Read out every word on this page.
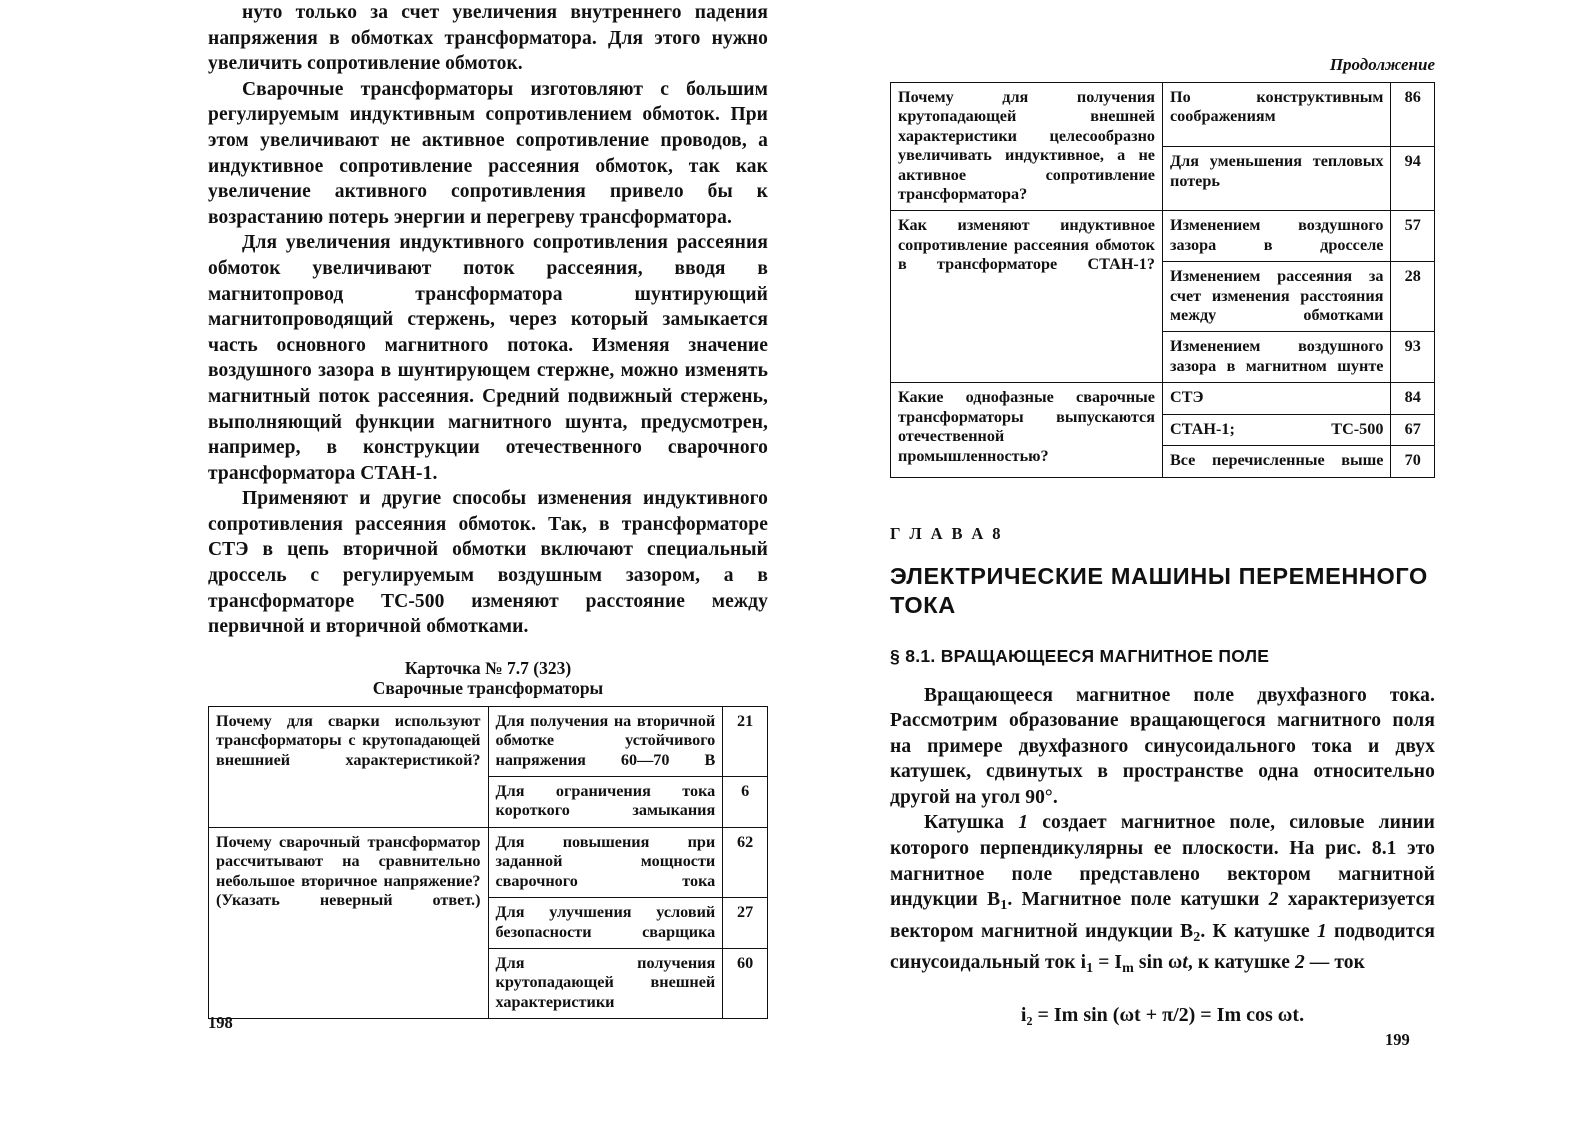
нуто только за счет увеличения внутреннего падения напряжения в обмотках трансформатора. Для этого нужно увеличить сопротивление обмоток.

Сварочные трансформаторы изготовляют с большим регулируемым индуктивным сопротивлением обмоток. При этом увеличивают не активное сопротивление проводов, а индуктивное сопротивление рассеяния обмоток, так как увеличение активного сопротивления привело бы к возрастанию потерь энергии и перегреву трансформатора.

Для увеличения индуктивного сопротивления рассеяния обмоток увеличивают поток рассеяния, вводя в магнитопровод трансформатора шунтирующий магнитопроводящий стержень, через который замыкается часть основного магнитного потока. Изменяя значение воздушного зазора в шунтирующем стержне, можно изменять магнитный поток рассеяния. Средний подвижный стержень, выполняющий функции магнитного шунта, предусмотрен, например, в конструкции отечественного сварочного трансформатора СТАН-1.

Применяют и другие способы изменения индуктивного сопротивления рассеяния обмоток. Так, в трансформаторе СТЭ в цепь вторичной обмотки включают специальный дроссель с регулируемым воздушным зазором, а в трансформаторе ТС-500 изменяют расстояние между первичной и вторичной обмотками.

Карточка № 7.7 (323)
Сварочные трансформаторы
Почему для сварки используют трансформаторы с крутопадающей внешнией характеристикой?	Для получения на вторичной обмотке устойчивого напряжения 60—70 В	21
	Для ограничения тока короткого замыкания	6
Почему сварочный трансформатор рассчитывают на сравнительно небольшое вторичное напряжение? (Указать неверный ответ.)	Для повышения при заданной мощности сварочного тока	62
	Для улучшения условий безопасности сварщика	27
	Для получения крутопадающей внешней характеристики	60
Продолжение
Почему для получения крутопадающей внешней характеристики целесообразно увеличивать индуктивное, а не активное сопротивление трансформатора?	По конструктивным соображениям	86
	Для уменьшения тепловых потерь	94
Как изменяют индуктивное сопротивление рассеяния обмоток в трансформаторе СТАН-1?	Изменением воздушного зазора в дросселе	57
	Изменением рассеяния за счет изменения расстояния между обмотками	28
	Изменением воздушного зазора в магнитном шунте	93
Какие однофазные сварочные трансформаторы выпускаются отечественной промышленностью?	СТЭ	84
	СТАН-1; ТС-500	67
	Все перечисленные выше	70
Г Л А В А 8
ЭЛЕКТРИЧЕСКИЕ МАШИНЫ ПЕРЕМЕННОГО ТОКА
§ 8.1. ВРАЩАЮЩЕЕСЯ МАГНИТНОЕ ПОЛЕ

Вращающееся магнитное поле двухфазного тока. Рассмотрим образование вращающегося магнитного поля на примере двухфазного синусоидального тока и двух катушек, сдвинутых в пространстве одна относительно другой на угол 90°.

Катушка 1 создает магнитное поле, силовые линии которого перпендикулярны ее плоскости. На рис. 8.1 это магнитное поле представлено вектором магнитной индукции $В_1$. Магнитное поле катушки 2 характеризуется вектором магнитной индукции $В_2$. К катушке 1 подводится синусоидальный ток $i_1 = I_m$ sin ωt, к катушке 2 — ток

i₂ = Im sin (ωt + π/2) = Im cos ωt.
198
199
